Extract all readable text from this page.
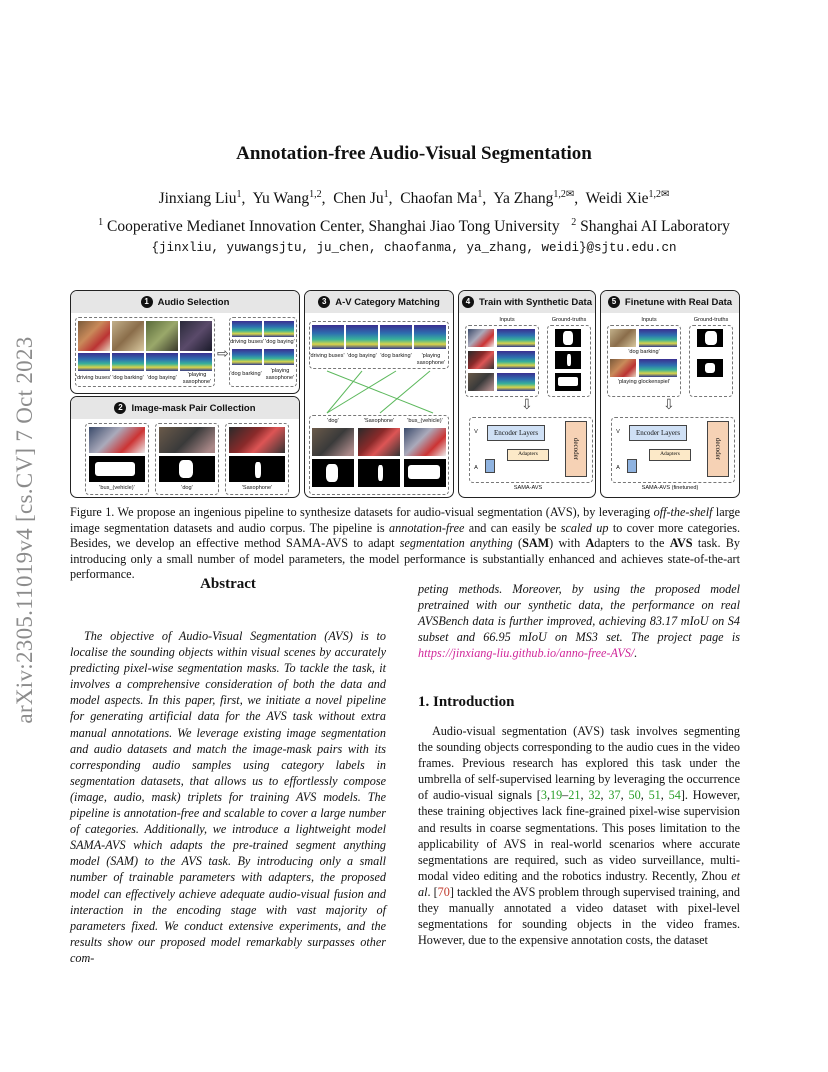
arXiv:2305.11019v4 [cs.CV] 7 Oct 2023
Annotation-free Audio-Visual Segmentation
Jinxiang Liu$^1$,  Yu Wang$^{1,2}$,  Chen Ju$^1$,  Chaofan Ma$^1$,  Ya Zhang$^{1,2✉}$,  Weidi Xie$^{1,2✉}$
$^1$ Cooperative Medianet Innovation Center, Shanghai Jiao Tong University $^2$ Shanghai AI Laboratory
{jinxliu, yuwangsjtu, ju_chen, chaofanma, ya_zhang, weidi}@sjtu.edu.cn
1 Audio Selection
'driving buses' 'dog barking' 'dog baying'	'playing saxophone'
⇨
'driving buses' 'dog baying'
'dog barking'	'playing saxophone'
2 Image-mask Pair Collection
'bus_(vehicle)'	'dog'	'Saxophone'
3 A-V Category Matching
'driving buses' 'dog baying' 'dog barking'	'playing saxophone'
'dog'	'Saxophone'	'bus_(vehicle)'
4 Train with Synthetic Data
Inputs	Ground-truths
⇩
Encoder Layers
decoder
Adapters
V
A
SAMA-AVS
5 Finetune with Real Data
Inputs	Ground-truths
'dog barking'
'playing glockenspiel'
⇩
Encoder Layers
decoder
Adapters
V
A
SAMA-AVS (finetuned)
Figure 1. We propose an ingenious pipeline to synthesize datasets for audio-visual segmentation (AVS), by leveraging off-the-shelf large image segmentation datasets and audio corpus. The pipeline is annotation-free and can easily be scaled up to cover more categories. Besides, we develop an effective method SAMA-AVS to adapt segmentation anything (SAM) with Adapters to the AVS task. By introducing only a small number of model parameters, the model performance is substantially enhanced and achieves state-of-the-art performance.
Abstract
The objective of Audio-Visual Segmentation (AVS) is to localise the sounding objects within visual scenes by accurately predicting pixel-wise segmentation masks. To tackle the task, it involves a comprehensive consideration of both the data and model aspects. In this paper, first, we initiate a novel pipeline for generating artificial data for the AVS task without extra manual annotations. We leverage existing image segmentation and audio datasets and match the image-mask pairs with its corresponding audio samples using category labels in segmentation datasets, that allows us to effortlessly compose (image, audio, mask) triplets for training AVS models. The pipeline is annotation-free and scalable to cover a large number of categories. Additionally, we introduce a lightweight model SAMA-AVS which adapts the pre-trained segment anything model (SAM) to the AVS task. By introducing only a small number of trainable parameters with adapters, the proposed model can effectively achieve adequate audio-visual fusion and interaction in the encoding stage with vast majority of parameters fixed. We conduct extensive experiments, and the results show our proposed model remarkably surpasses other com-
peting methods. Moreover, by using the proposed model pretrained with our synthetic data, the performance on real AVSBench data is further improved, achieving 83.17 mIoU on S4 subset and 66.95 mIoU on MS3 set. The project page is https://jinxiang-liu.github.io/anno-free-AVS/.
1. Introduction

Audio-visual segmentation (AVS) task involves segmenting the sounding objects corresponding to the audio cues in the video frames. Previous research has explored this task under the umbrella of self-supervised learning by leveraging the occurrence of audio-visual signals [3,19–21, 32, 37, 50, 51, 54]. However, these training objectives lack fine-grained pixel-wise supervision and results in coarse segmentations. This poses limitation to the applicability of AVS in real-world scenarios where accurate segmentations are required, such as video surveillance, multi-modal video editing and the robotics industry. Recently, Zhou et al. [70] tackled the AVS problem through supervised training, and they manually annotated a video dataset with pixel-level segmentations for sounding objects in the video frames. However, due to the expensive annotation costs, the dataset
